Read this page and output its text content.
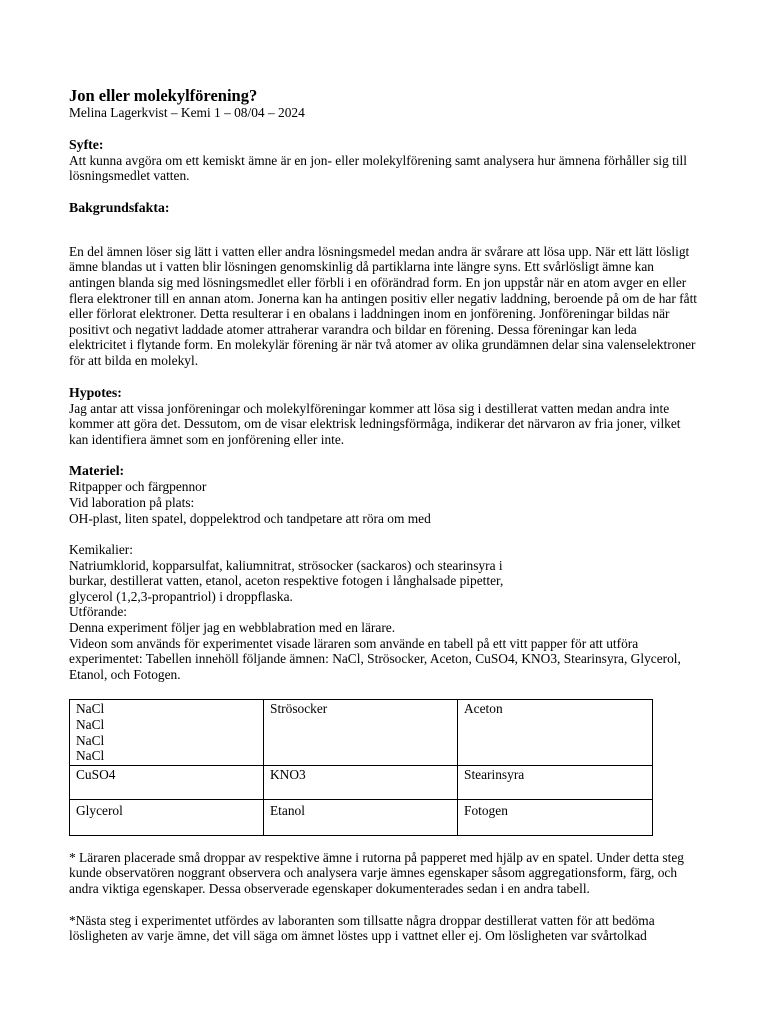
Jon eller molekylförening?
Melina Lagerkvist – Kemi 1 – 08/04 – 2024
Syfte:

Att kunna avgöra om ett kemiskt ämne är en jon- eller molekylförening samt analysera hur ämnena förhåller sig till lösningsmedlet vatten.

Bakgrundsfakta:

En del ämnen löser sig lätt i vatten eller andra lösningsmedel medan andra är svårare att lösa upp. När ett lätt lösligt ämne blandas ut i vatten blir lösningen genomskinlig då partiklarna inte längre syns. Ett svårlösligt ämne kan antingen blanda sig med lösningsmedlet eller förbli i en oförändrad form. En jon uppstår när en atom avger en eller flera elektroner till en annan atom. Jonerna kan ha antingen positiv eller negativ laddning, beroende på om de har fått eller förlorat elektroner. Detta resulterar i en obalans i laddningen inom en jonförening. Jonföreningar bildas när positivt och negativt laddade atomer attraherar varandra och bildar en förening. Dessa föreningar kan leda elektricitet i flytande form. En molekylär förening är när två atomer av olika grundämnen delar sina valenselektroner för att bilda en molekyl.

Hypotes:

Jag antar att vissa jonföreningar och molekylföreningar kommer att lösa sig i destillerat vatten medan andra inte kommer att göra det. Dessutom, om de visar elektrisk ledningsförmåga, indikerar det närvaron av fria joner, vilket kan identifiera ämnet som en jonförening eller inte.

Materiel:
Ritpapper och färgpennor
Vid laboration på plats:
OH-plast, liten spatel, doppelektrod och tandpetare att röra om med
Kemikalier:
Natriumklorid, kopparsulfat, kaliumnitrat, strösocker (sackaros) och stearinsyra i
burkar, destillerat vatten, etanol, aceton respektive fotogen i långhalsade pipetter,
glycerol (1,2,3-propantriol) i droppflaska.
Utförande:
Denna experiment följer jag en webblabration med en lärare.

Videon som används för experimentet visade läraren som använde en tabell på ett vitt papper för att utföra experimentet: Tabellen innehöll följande ämnen: NaCl, Strösocker, Aceton, CuSO4, KNO3, Stearinsyra, Glycerol, Etanol, och Fotogen.

NaCl
NaCl
NaCl
NaCl	Strösocker	Aceton

CuSO4	KNO3	Stearinsyra

Glycerol	Etanol	Fotogen

* Läraren placerade små droppar av respektive ämne i rutorna på papperet med hjälp av en spatel. Under detta steg kunde observatören noggrant observera och analysera varje ämnes egenskaper såsom aggregationsform, färg, och andra viktiga egenskaper. Dessa observerade egenskaper dokumenterades sedan i en andra tabell.

*Nästa steg i experimentet utfördes av laboranten som tillsatte några droppar destillerat vatten för att bedöma lösligheten av varje ämne, det vill säga om ämnet löstes upp i vattnet eller ej. Om lösligheten var svårtolkad
